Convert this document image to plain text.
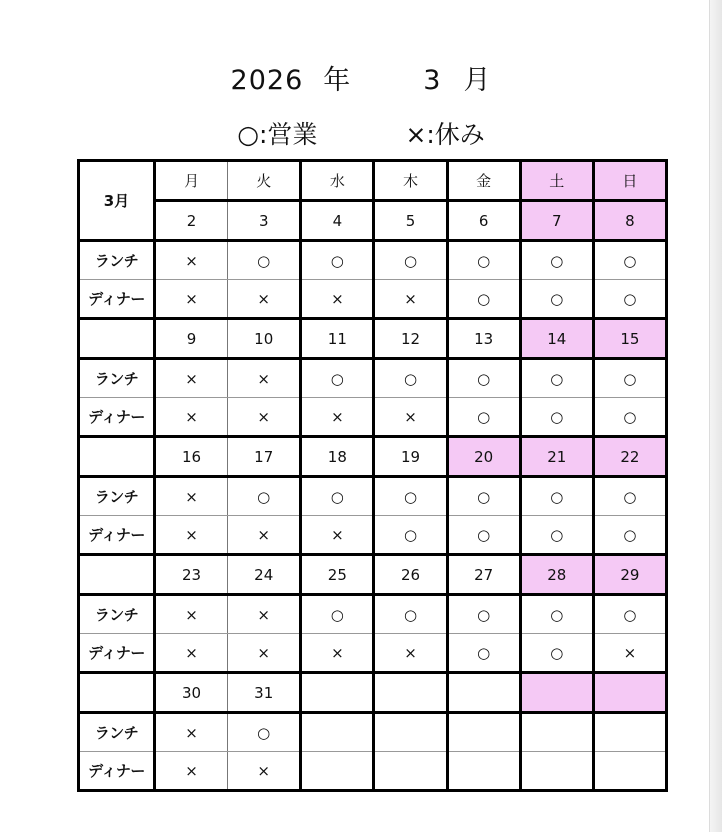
2026 年	3 月
○:営業	×:休み
3月	月	火	水	木	金	土	日
	2	3	4	5	6	7	8
ランチ	×	○	○	○	○	○	○
ディナー	×	×	×	×	○	○	○
	9	10	11	12	13	14	15
ランチ	×	×	○	○	○	○	○
ディナー	×	×	×	×	○	○	○
	16	17	18	19	20	21	22
ランチ	×	○	○	○	○	○	○
ディナー	×	×	×	○	○	○	○
	23	24	25	26	27	28	29
ランチ	×	×	○	○	○	○	○
ディナー	×	×	×	×	○	○	×
	30	31					
ランチ	×	○					
ディナー	×	×					
